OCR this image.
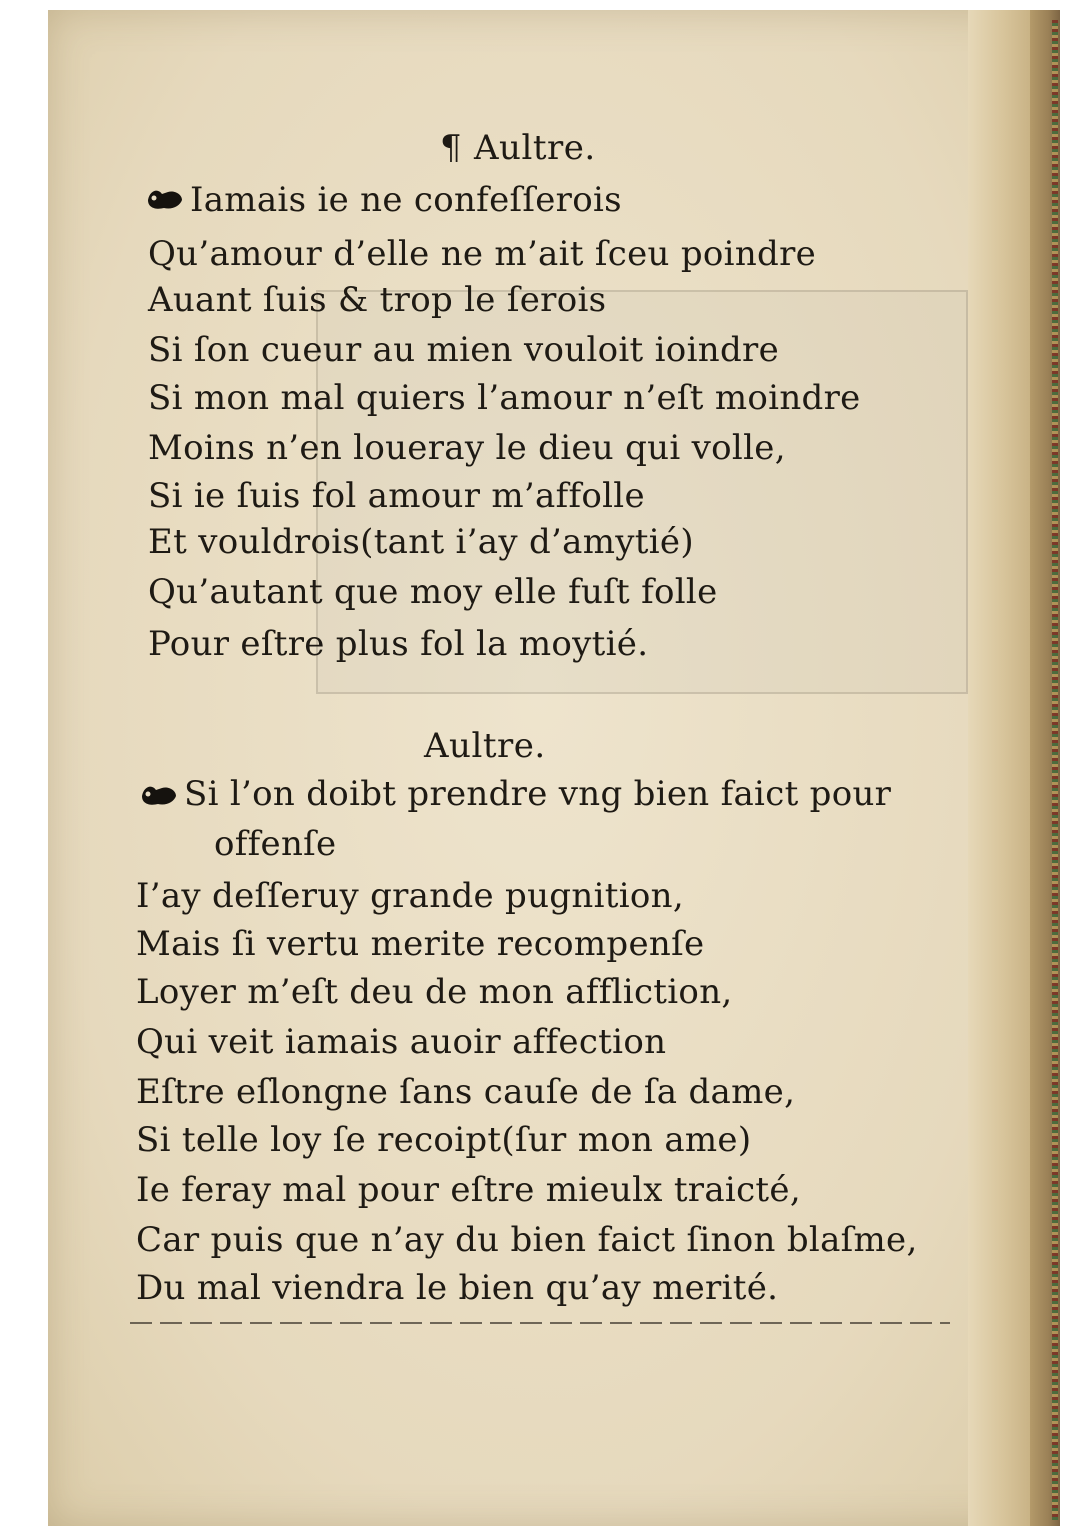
¶ Aultre.
Iamais ie ne confeſſerois
Qu’amour d’elle ne m’ait ſceu poindre
Auant ſuis & trop le ſerois
Si ſon cueur au mien vouloit ioindre
Si mon mal quiers l’amour n’eſt moindre
Moins n’en loueray le dieu qui volle,
Si ie ſuis fol amour m’affolle
Et vouldrois(tant i’ay d’amytié)
Qu’autant que moy elle fuſt folle
Pour eſtre plus fol la moytié.
Aultre.
Si l’on doibt prendre vng bien faict pour
offenſe
I’ay deſſeruy grande pugnition,
Mais ſi vertu merite recompenſe
Loyer m’eſt deu de mon affliction,
Qui veit iamais auoir affection
Eſtre eſlongne ſans cauſe de ſa dame,
Si telle loy ſe recoipt(ſur mon ame)
Ie feray mal pour eſtre mieulx traicté,
Car puis que n’ay du bien faict ſinon blaſme,
Du mal viendra le bien qu’ay merité.
